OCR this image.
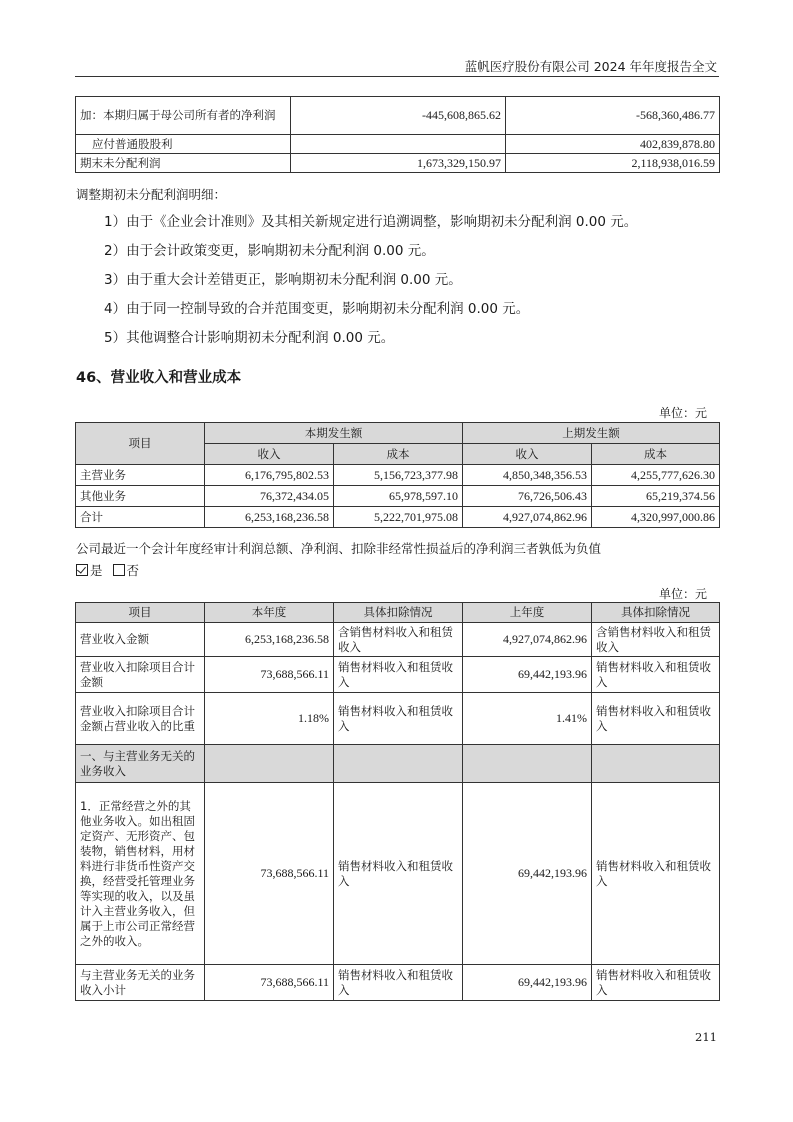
蓝帆医疗股份有限公司 2024 年年度报告全文
加：本期归属于母公司所有者的净利润	-445,608,865.62	-568,360,486.77
应付普通股股利		402,839,878.80
期末未分配利润	1,673,329,150.97	2,118,938,016.59
调整期初未分配利润明细：
1）由于《企业会计准则》及其相关新规定进行追溯调整，影响期初未分配利润 0.00 元。
2）由于会计政策变更，影响期初未分配利润 0.00 元。
3）由于重大会计差错更正，影响期初未分配利润 0.00 元。
4）由于同一控制导致的合并范围变更，影响期初未分配利润 0.00 元。
5）其他调整合计影响期初未分配利润 0.00 元。
46、营业收入和营业成本
单位：元
项目	本期发生额		上期发生额	
	收入	成本	收入	成本
主营业务	6,176,795,802.53	5,156,723,377.98	4,850,348,356.53	4,255,777,626.30
其他业务	76,372,434.05	65,978,597.10	76,726,506.43	65,219,374.56
合计	6,253,168,236.58	5,222,701,975.08	4,927,074,862.96	4,320,997,000.86
公司最近一个会计年度经审计利润总额、净利润、扣除非经常性损益后的净利润三者孰低为负值
是 否
单位：元
项目	本年度	具体扣除情况	上年度	具体扣除情况
营业收入金额	6,253,168,236.58	含销售材料收入和租赁收入	4,927,074,862.96	含销售材料收入和租赁收入
营业收入扣除项目合计金额	73,688,566.11	销售材料收入和租赁收入	69,442,193.96	销售材料收入和租赁收入
营业收入扣除项目合计金额占营业收入的比重	1.18%	销售材料收入和租赁收入	1.41%	销售材料收入和租赁收入
一、与主营业务无关的业务收入				
1．正常经营之外的其他业务收入。如出租固定资产、无形资产、包装物，销售材料，用材料进行非货币性资产交换，经营受托管理业务等实现的收入，以及虽计入主营业务收入，但属于上市公司正常经营之外的收入。	73,688,566.11	销售材料收入和租赁收入	69,442,193.96	销售材料收入和租赁收入
与主营业务无关的业务收入小计	73,688,566.11	销售材料收入和租赁收入	69,442,193.96	销售材料收入和租赁收入
211
